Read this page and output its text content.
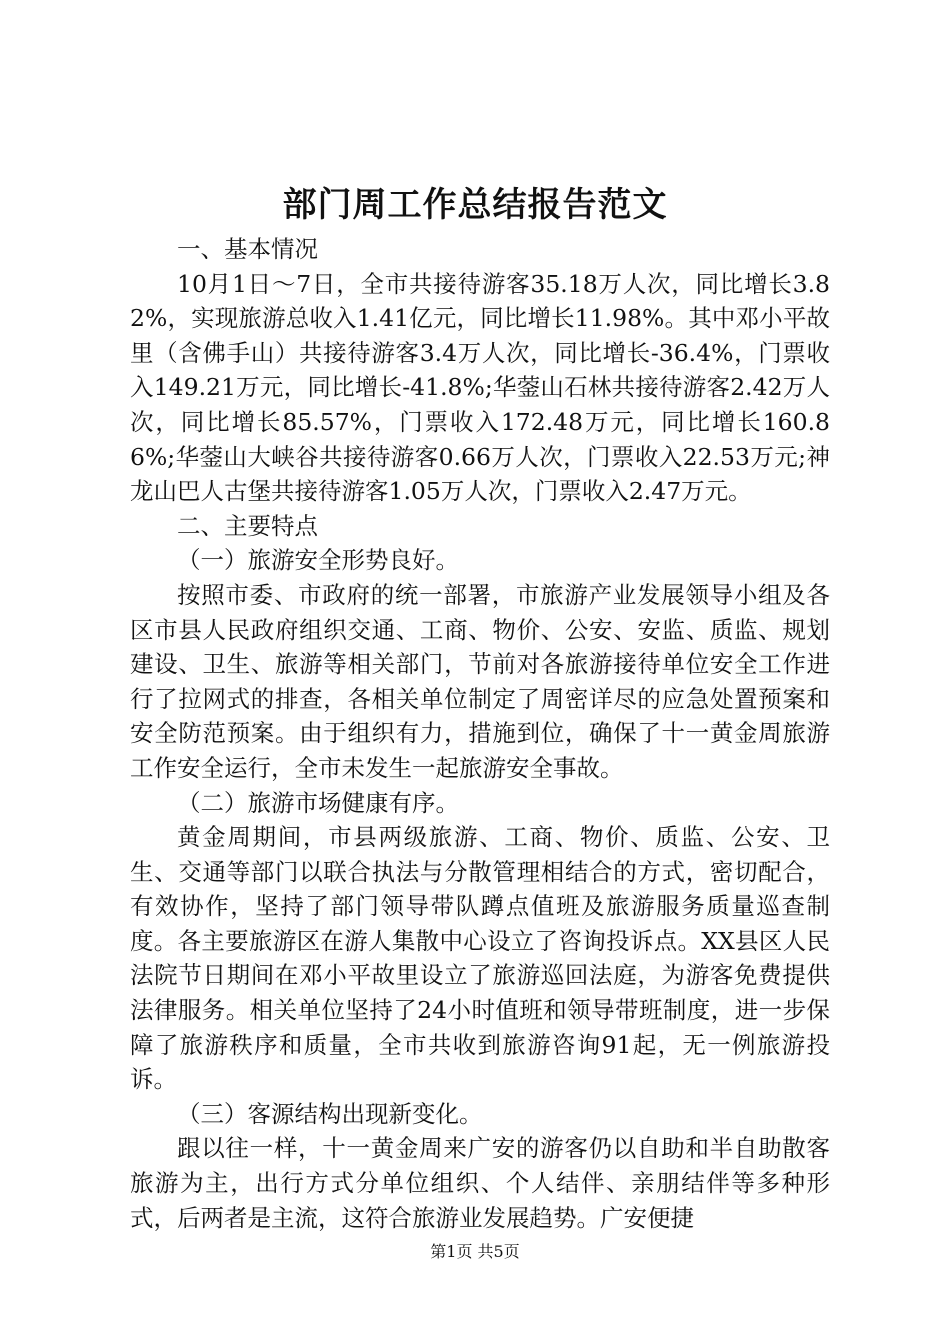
部门周工作总结报告范文

一、基本情况

10月1日～7日，全市共接待游客35.18万人次，同比增长3.82%，实现旅游总收入1.41亿元，同比增长11.98%。其中邓小平故里（含佛手山）共接待游客3.4万人次，同比增长-36.4%，门票收入149.21万元，同比增长-41.8%;华蓥山石林共接待游客2.42万人次，同比增长85.57%，门票收入172.48万元，同比增长160.86%;华蓥山大峡谷共接待游客0.66万人次，门票收入22.53万元;神龙山巴人古堡共接待游客1.05万人次，门票收入2.47万元。

二、主要特点

（一）旅游安全形势良好。

按照市委、市政府的统一部署，市旅游产业发展领导小组及各区市县人民政府组织交通、工商、物价、公安、安监、质监、规划建设、卫生、旅游等相关部门，节前对各旅游接待单位安全工作进行了拉网式的排查，各相关单位制定了周密详尽的应急处置预案和安全防范预案。由于组织有力，措施到位，确保了十一黄金周旅游工作安全运行，全市未发生一起旅游安全事故。

（二）旅游市场健康有序。

黄金周期间，市县两级旅游、工商、物价、质监、公安、卫生、交通等部门以联合执法与分散管理相结合的方式，密切配合，有效协作，坚持了部门领导带队蹲点值班及旅游服务质量巡查制度。各主要旅游区在游人集散中心设立了咨询投诉点。XX县区人民法院节日期间在邓小平故里设立了旅游巡回法庭，为游客免费提供法律服务。相关单位坚持了24小时值班和领导带班制度，进一步保障了旅游秩序和质量，全市共收到旅游咨询91起，无一例旅游投诉。

（三）客源结构出现新变化。

跟以往一样，十一黄金周来广安的游客仍以自助和半自助散客旅游为主，出行方式分单位组织、个人结伴、亲朋结伴等多种形式，后两者是主流，这符合旅游业发展趋势。广安便捷

第1页 共5页
